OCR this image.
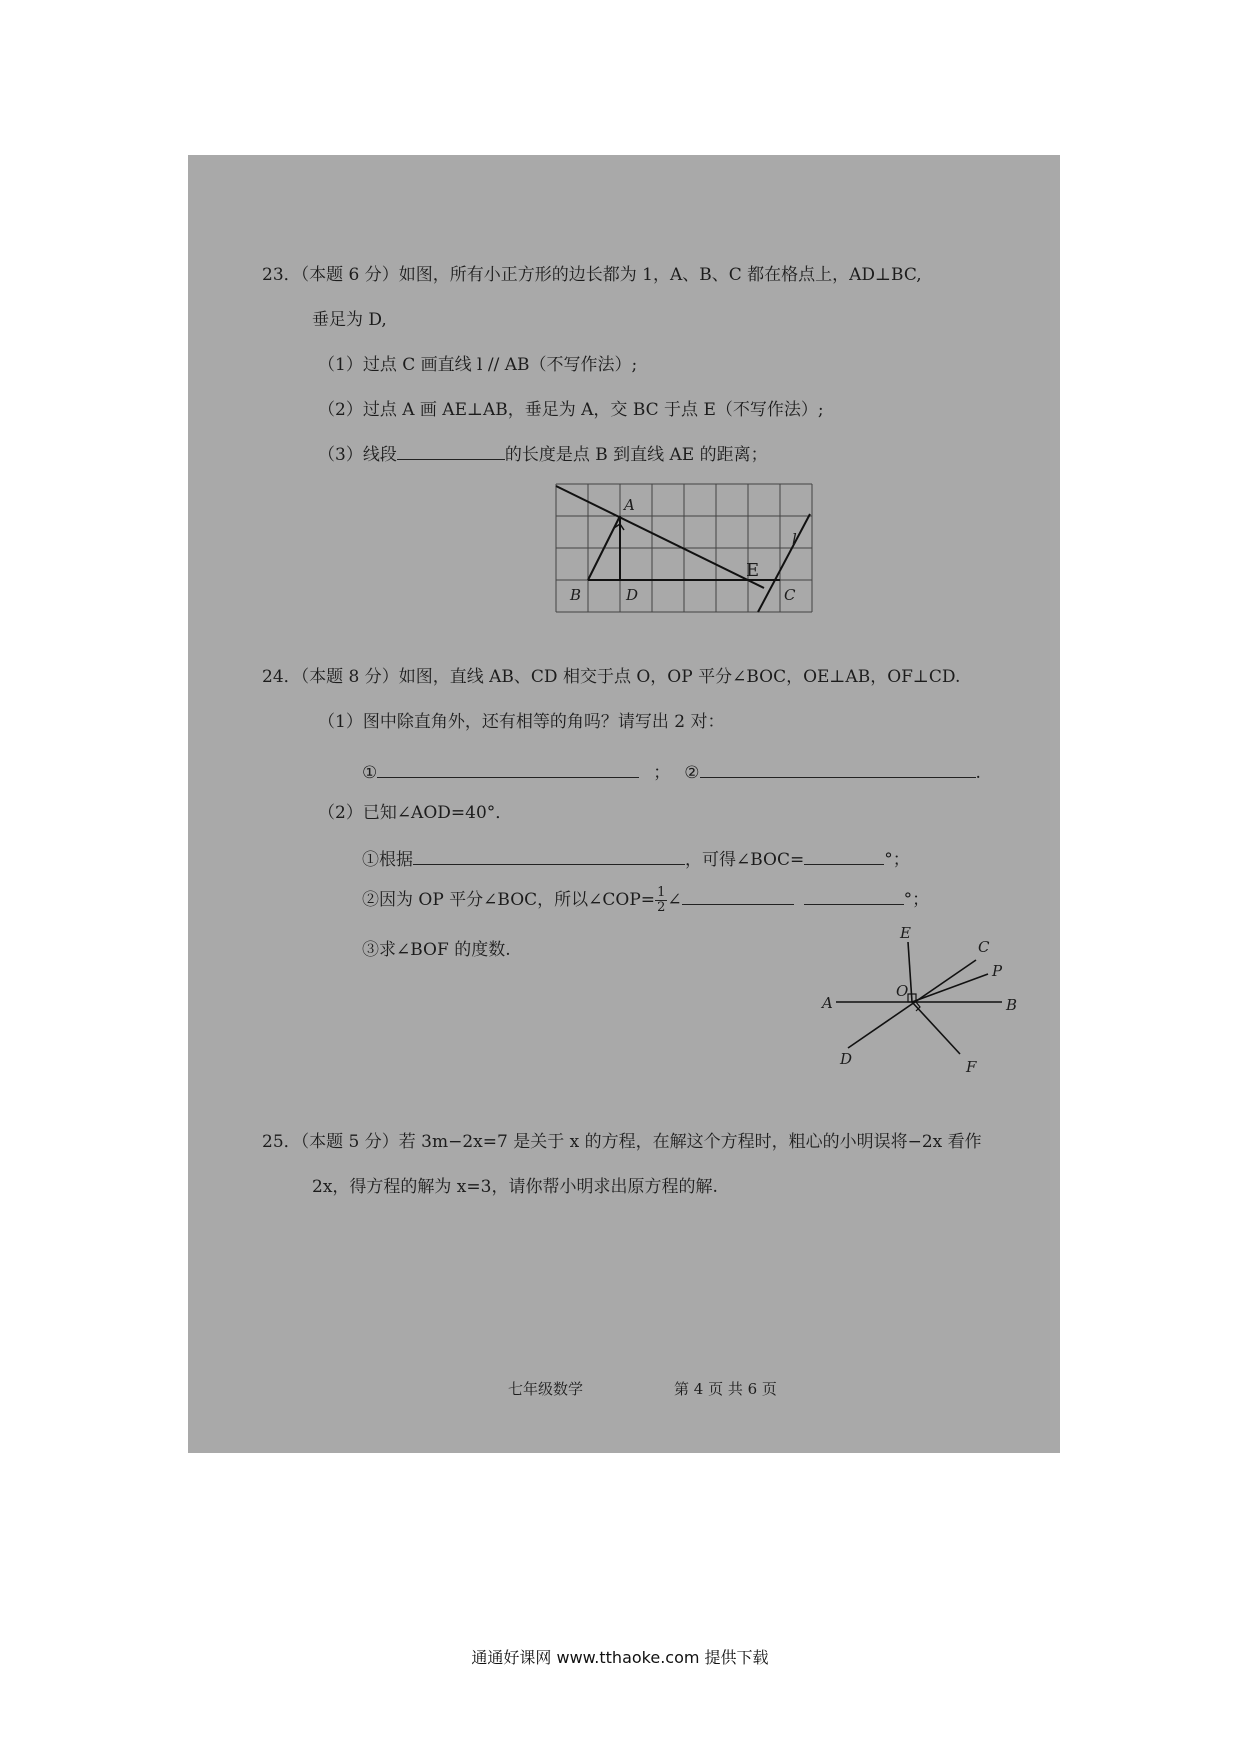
23．（本题 6 分）如图，所有小正方形的边长都为 1，A、B、C 都在格点上，AD⊥BC,
垂足为 D,
（1）过点 C 画直线 l // AB（不写作法）;
（2）过点 A 画 AE⊥AB，垂足为 A，交 BC 于点 E（不写作法）;
（3）线段	的长度是点 B 到直线 AE 的距离；
A
B	C
D
E
l
24．（本题 8 分）如图，直线 AB、CD 相交于点 O，OP 平分∠BOC，OE⊥AB，OF⊥CD.
（1）图中除直角外，还有相等的角吗？请写出 2 对：
①	； ②	.
（2）已知∠AOD=40°．
①根据	，可得∠BOC=	°；
②因为 OP 平分∠BOC，所以∠COP= $\frac{1}{2}$ ∠	°；
③求∠BOF 的度数.
A	B
C
D
E
F
O
P
25．（本题 5 分）若 3m−2x=7 是关于 x 的方程，在解这个方程时，粗心的小明误将−2x 看作
2x，得方程的解为 x=3，请你帮小明求出原方程的解.
七年级数学	第 4 页 共 6 页
通通好课网 www.tthaoke.com 提供下载
